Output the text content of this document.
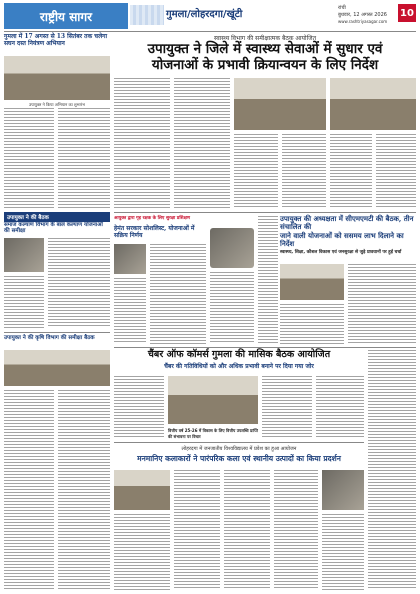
राष्ट्रीय सागर	गुमला/लोहरदगा/खूंटी
रांची
बुधवार, 12 अगस्त 2026
www.rashtriyasagar.com
10
गुमला में 17 अगस्त से 13 सितंबर तक चलेगा सघन दस्त नियंत्रण अभियान
उपायुक्त ने किया अभियान का शुभारंभ
उपायुक्त ने की बैठक
समाज कल्याण विभाग के बाल कल्याण योजनाओं की समीक्षा
उपायुक्त ने की कृषि विभाग की समीक्षा बैठक
स्वास्थ्य विभाग की समीक्षात्मक बैठक आयोजित
उपायुक्त ने जिले में स्वास्थ्य सेवाओं में सुधार एवं
योजनाओं के प्रभावी क्रियान्वयन के लिए निर्देश
आयुक्त द्वारा गृह रक्षक के लिए सुरक्षा प्रशिक्षण
हेमंत सरकार सोशलिस्ट, योजनाओं में सक्रिय निर्णय
उपायुक्त की अध्यक्षता में सीएमएमटी की बैठक, तीन संचालित की
जाने वाली योजनाओं को ससमय लाभ दिलाने का निर्देश
स्वास्थ्य, शिक्षा, कौशल विकास एवं जनसुरक्षा से जुड़े प्रावधानों पर हुई चर्चा
चैंबर ऑफ कॉमर्स गुमला की मासिक बैठक आयोजित
चैंबर की गतिविधियों को और अधिक प्रभावी बनाने पर दिया गया जोर
वित्तीय वर्ष 25-26 में विकास के लिए वित्तीय उपलब्धि प्राप्ति की संभावना पर विचार
लोहरदगा में जनजातीय विश्वविद्यालय में प्रवेश का हुआ आयोजन
मनमानिए कलाकारों ने पारंपरिक कला एवं स्थानीय उत्पादों का किया प्रदर्शन
